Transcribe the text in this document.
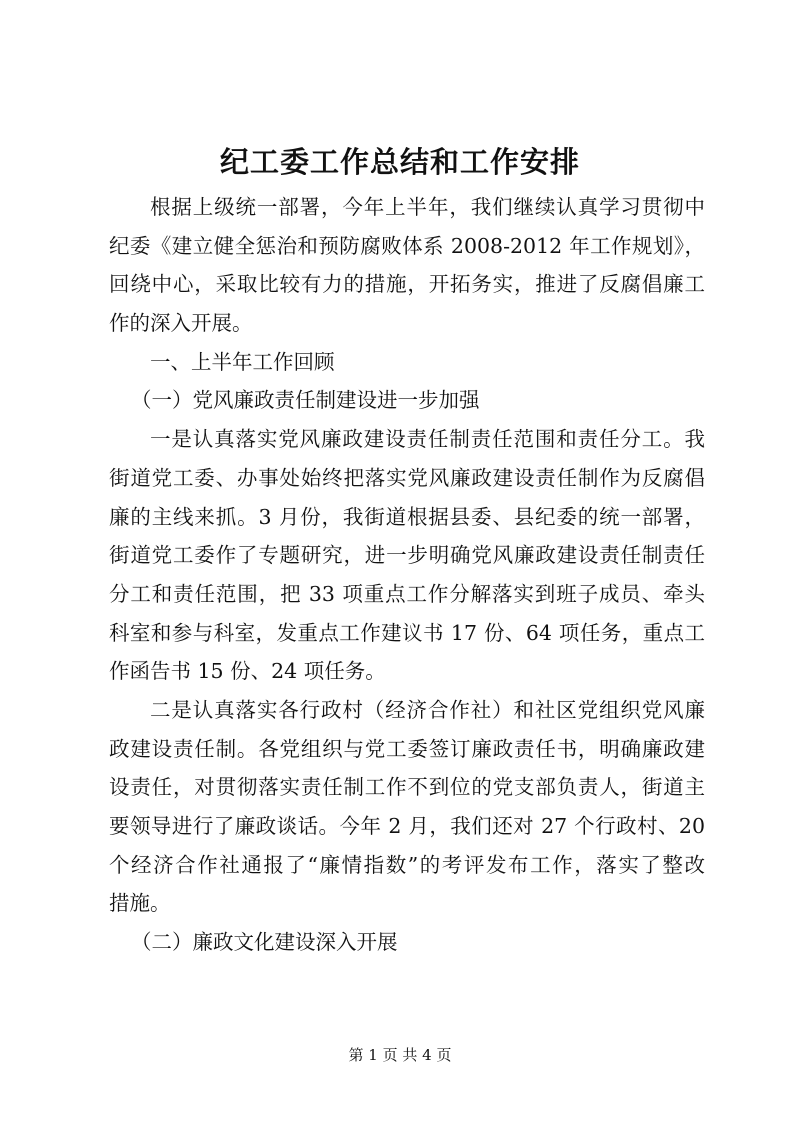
纪工委工作总结和工作安排
根据上级统一部署，今年上半年，我们继续认真学习贯彻中
纪委《建立健全惩治和预防腐败体系 2008-2012 年工作规划》，
回绕中心，采取比较有力的措施，开拓务实，推进了反腐倡廉工
作的深入开展。
一、上半年工作回顾
（一）党风廉政责任制建设进一步加强
一是认真落实党风廉政建设责任制责任范围和责任分工。我
街道党工委、办事处始终把落实党风廉政建设责任制作为反腐倡
廉的主线来抓。3 月份，我街道根据县委、县纪委的统一部署，
街道党工委作了专题研究，进一步明确党风廉政建设责任制责任
分工和责任范围，把 33 项重点工作分解落实到班子成员、牵头
科室和参与科室，发重点工作建议书 17 份、64 项任务，重点工
作函告书 15 份、24 项任务。
二是认真落实各行政村（经济合作社）和社区党组织党风廉
政建设责任制。各党组织与党工委签订廉政责任书，明确廉政建
设责任，对贯彻落实责任制工作不到位的党支部负责人，街道主
要领导进行了廉政谈话。今年 2 月，我们还对 27 个行政村、20
个经济合作社通报了“廉情指数”的考评发布工作，落实了整改
措施。
（二）廉政文化建设深入开展
第 1 页 共 4 页
